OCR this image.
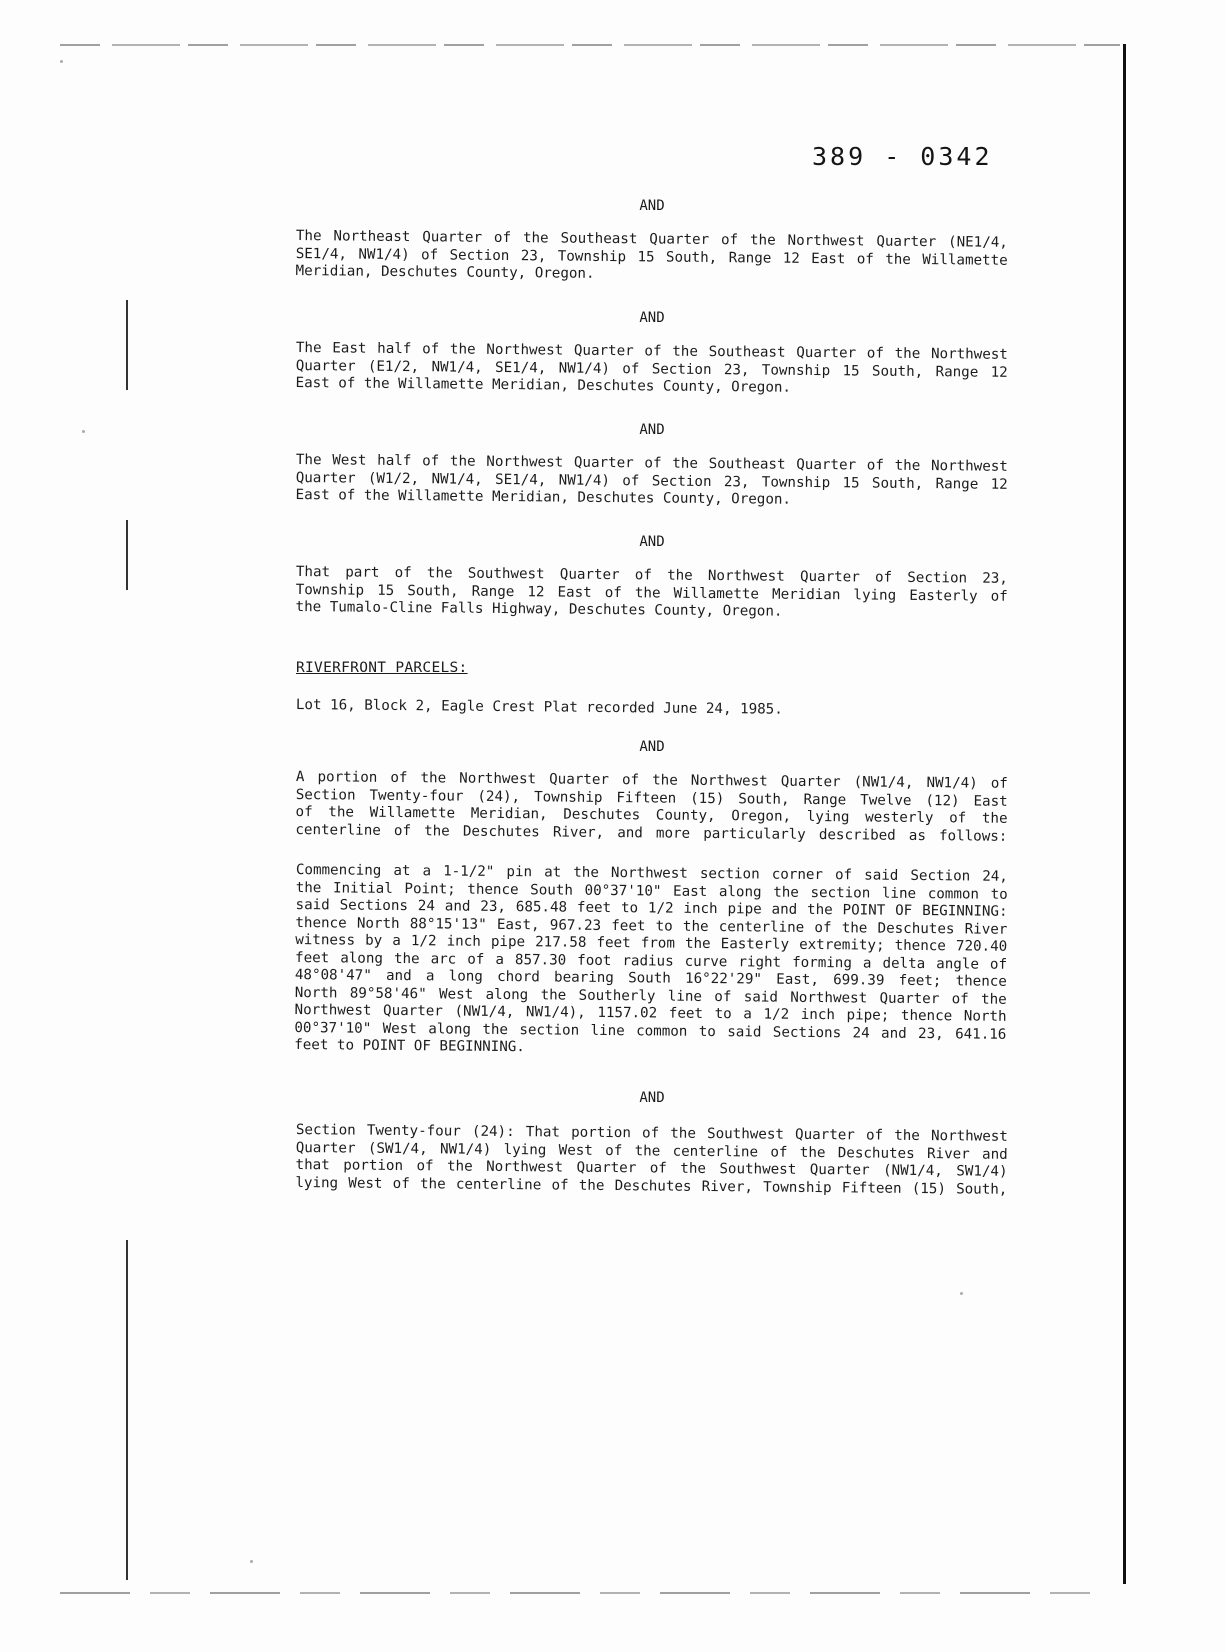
389 - 0342
AND
The Northeast Quarter of the Southeast Quarter of the Northwest Quarter (NE1/4,
SE1/4, NW1/4) of Section 23, Township 15 South, Range 12 East of the Willamette
Meridian, Deschutes County, Oregon.
AND
The East half of the Northwest Quarter of the Southeast Quarter of the Northwest
Quarter (E1/2, NW1/4, SE1/4, NW1/4) of Section 23, Township 15 South, Range 12
East of the Willamette Meridian, Deschutes County, Oregon.
AND
The West half of the Northwest Quarter of the Southeast Quarter of the Northwest
Quarter (W1/2, NW1/4, SE1/4, NW1/4) of Section 23, Township 15 South, Range 12
East of the Willamette Meridian, Deschutes County, Oregon.
AND
That part of the Southwest Quarter of the Northwest Quarter of Section 23,
Township 15 South, Range 12 East of the Willamette Meridian lying Easterly of
the Tumalo-Cline Falls Highway, Deschutes County, Oregon.
RIVERFRONT PARCELS:
Lot 16, Block 2, Eagle Crest Plat recorded June 24, 1985.
AND
A portion of the Northwest Quarter of the Northwest Quarter (NW1/4, NW1/4) of
Section Twenty-four (24), Township Fifteen (15) South, Range Twelve (12) East
of the Willamette Meridian, Deschutes County, Oregon, lying westerly of the
centerline of the Deschutes River, and more particularly described as follows:
Commencing at a 1-1/2" pin at the Northwest section corner of said Section 24,
the Initial Point; thence South 00°37'10" East along the section line common to
said Sections 24 and 23, 685.48 feet to 1/2 inch pipe and the POINT OF BEGINNING:
thence North 88°15'13" East, 967.23 feet to the centerline of the Deschutes River
witness by a 1/2 inch pipe 217.58 feet from the Easterly extremity; thence 720.40
feet along the arc of a 857.30 foot radius curve right forming a delta angle of
48°08'47" and a long chord bearing South 16°22'29" East, 699.39 feet; thence
North 89°58'46" West along the Southerly line of said Northwest Quarter of the
Northwest Quarter (NW1/4, NW1/4), 1157.02 feet to a 1/2 inch pipe; thence North
00°37'10" West along the section line common to said Sections 24 and 23, 641.16
feet to POINT OF BEGINNING.
AND
Section Twenty-four (24): That portion of the Southwest Quarter of the Northwest
Quarter (SW1/4, NW1/4) lying West of the centerline of the Deschutes River and
that portion of the Northwest Quarter of the Southwest Quarter (NW1/4, SW1/4)
lying West of the centerline of the Deschutes River, Township Fifteen (15) South,
